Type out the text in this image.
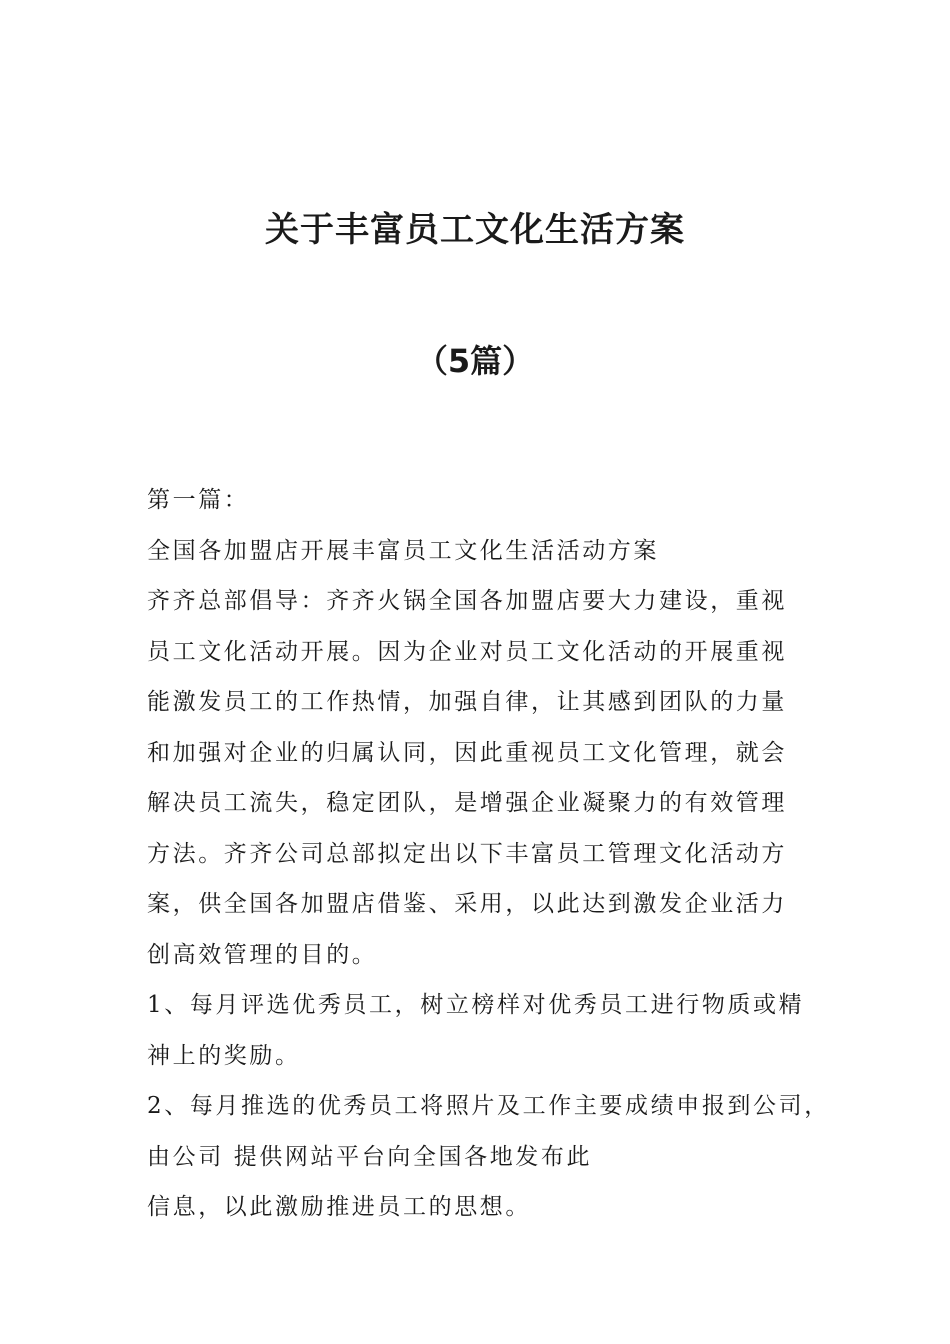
关于丰富员工文化生活方案
（5篇）

第一篇：

全国各加盟店开展丰富员工文化生活活动方案

齐齐总部倡导：齐齐火锅全国各加盟店要大力建设，重视

员工文化活动开展。因为企业对员工文化活动的开展重视

能激发员工的工作热情，加强自律，让其感到团队的力量

和加强对企业的归属认同，因此重视员工文化管理，就会

解决员工流失，稳定团队，是增强企业凝聚力的有效管理

方法。齐齐公司总部拟定出以下丰富员工管理文化活动方

案，供全国各加盟店借鉴、采用，以此达到激发企业活力

创高效管理的目的。

1、每月评选优秀员工，树立榜样对优秀员工进行物质或精

神上的奖励。

2、每月推选的优秀员工将照片及工作主要成绩申报到公司，

由公司 提供网站平台向全国各地发布此

信息，以此激励推进员工的思想。
